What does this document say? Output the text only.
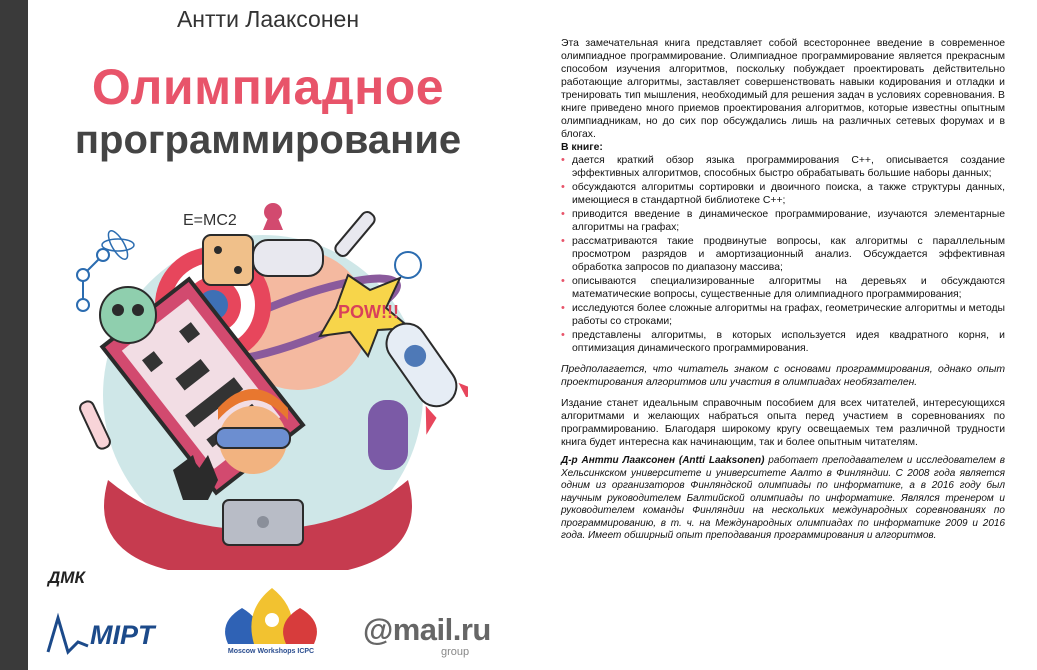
Антти Лааксонен
Олимпиадное
программирование
POW!!!
E=MC2
ДМК
MIPT
Moscow Workshops ICPC
@mail.ru
group

Эта замечательная книга представляет собой всестороннее введение в современное олимпиадное программирование. Олимпиадное программирование является прекрасным способом изучения алгоритмов, поскольку побуждает проектировать действительно работающие алгоритмы, заставляет совершенствовать навыки кодирования и отладки и тренировать тип мышления, необходимый для решения задач в условиях соревнования. В книге приведено много приемов проектирования алгоритмов, которые известны опытным олимпиадникам, но до сих пор обсуждались лишь на различных сетевых форумах и в блогах.

В книге:

• дается краткий обзор языка программирования C++, описывается создание эффективных алгоритмов, способных быстро обрабатывать большие наборы данных;
• обсуждаются алгоритмы сортировки и двоичного поиска, а также структуры данных, имеющиеся в стандартной библиотеке C++;
• приводится введение в динамическое программирование, изучаются элементарные алгоритмы на графах;
• рассматриваются такие продвинутые вопросы, как алгоритмы с параллельным просмотром разрядов и амортизационный анализ. Обсуждается эффективная обработка запросов по диапазону массива;
• описываются специализированные алгоритмы на деревьях и обсуждаются математические вопросы, существенные для олимпиадного программирования;
• исследуются более сложные алгоритмы на графах, геометрические алгоритмы и методы работы со строками;
• представлены алгоритмы, в которых используется идея квадратного корня, и оптимизация динамического программирования.

Предполагается, что читатель знаком с основами программирования, однако опыт проектирования алгоритмов или участия в олимпиадах необязателен.

Издание станет идеальным справочным пособием для всех читателей, интересующихся алгоритмами и желающих набраться опыта перед участием в соревнованиях по программированию. Благодаря широкому кругу освещаемых тем различной трудности книга будет интересна как начинающим, так и более опытным читателям.

Д-р Антти Лааксонен (Antti Laaksonen) работает преподавателем и исследователем в Хельсинкском университете и университете Аалто в Финляндии. С 2008 года является одним из организаторов Финляндской олимпиады по информатике, а в 2016 году был научным руководителем Балтийской олимпиады по информатике. Являлся тренером и руководителем команды Финляндии на нескольких международных соревнованиях по программированию, в т. ч. на Международных олимпиадах по информатике 2009 и 2016 года. Имеет обширный опыт преподавания программирования и алгоритмов.
